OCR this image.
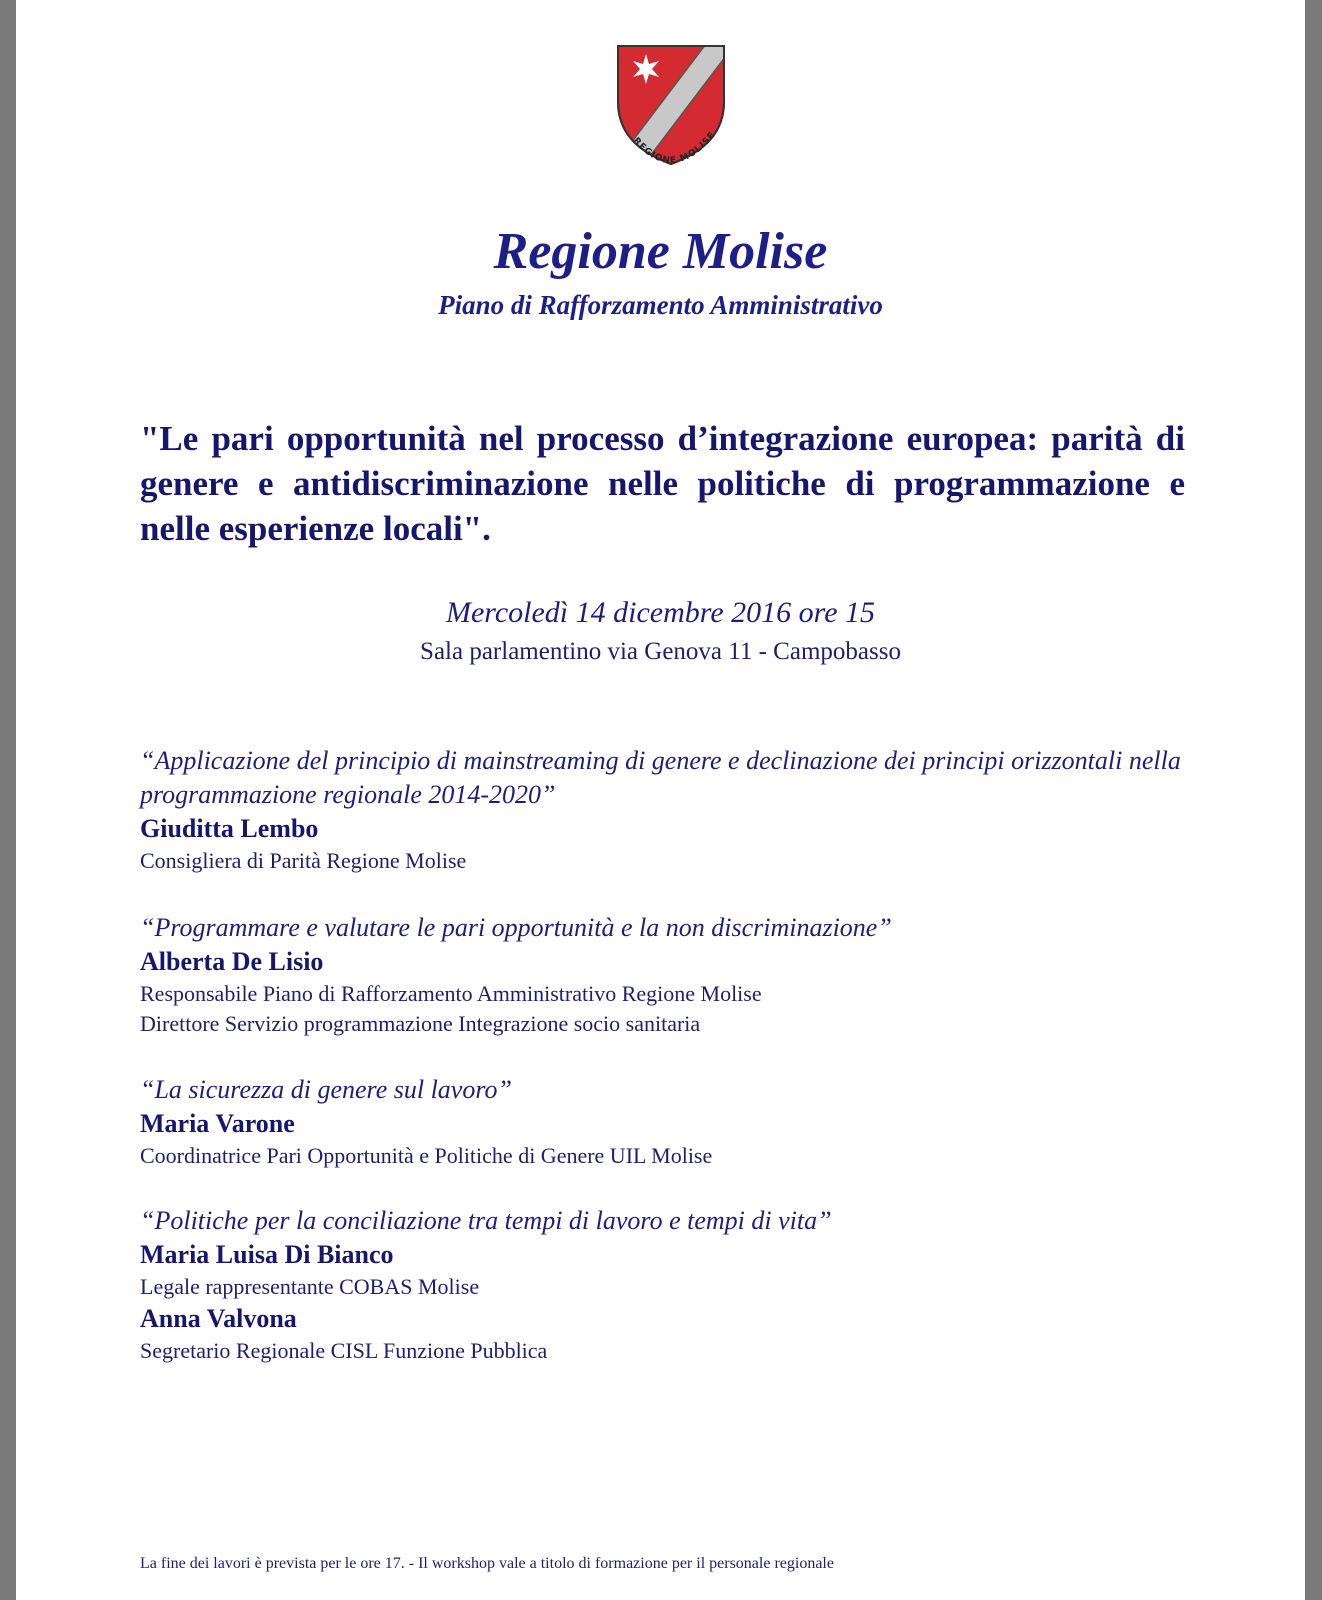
REGIONE MOLISE
Regione Molise
Piano di Rafforzamento Amministrativo
"Le pari opportunità nel processo d’integrazione europea: parità di genere e antidiscriminazione nelle politiche di programmazione e nelle esperienze locali".
Mercoledì 14 dicembre 2016 ore 15
Sala parlamentino via Genova 11 - Campobasso
“Applicazione del principio di mainstreaming di genere e declinazione dei principi orizzontali nella programmazione regionale 2014-2020”
Giuditta Lembo
Consigliera di Parità Regione Molise
“Programmare e valutare le pari opportunità e la non discriminazione”
Alberta De Lisio
Responsabile Piano di Rafforzamento Amministrativo Regione Molise
Direttore Servizio programmazione Integrazione socio sanitaria
“La sicurezza di genere sul lavoro”
Maria Varone
Coordinatrice Pari Opportunità e Politiche di Genere UIL Molise
“Politiche per la conciliazione tra tempi di lavoro e tempi di vita”
Maria Luisa Di Bianco
Legale rappresentante COBAS Molise
Anna Valvona
Segretario Regionale CISL Funzione Pubblica
La fine dei lavori è prevista per le ore 17. - Il workshop vale a titolo di formazione per il personale regionale
